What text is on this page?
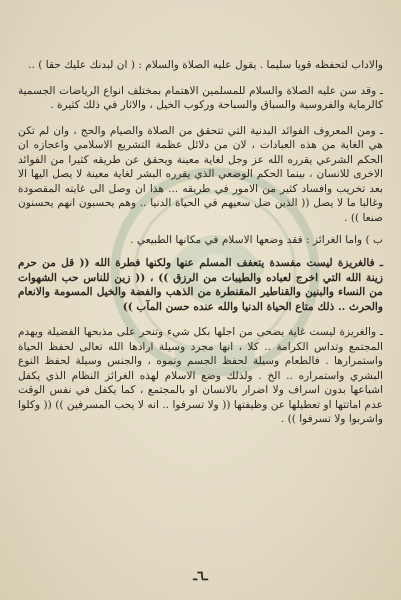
والاداب لتحفظه قويا سليما . يقول عليه الصلاة والسلام : ( ان لبدنك عليك حقا ) ..

ـ وقد سن عليه الصلاة والسلام للمسلمين الاهتمام بمختلف انواع الرياضات الجسمية كالرماية والفروسية والسباق والسباحة وركوب الخيل ، والاثار في ذلك كثيرة .

ـ ومن المعروف الفوائد البدنية التي تتحقق من الصلاة والصيام والحج ، وان لم تكن هي الغاية من هذه العبادات ، لان من دلائل عظمة التشريع الاسلامي واعجازه ان الحكم الشرعي يقرره الله عز وجل لغاية معينة ويحقق عن طريقه كثيرا من الفوائد الاخرى للانسان ، بينما الحكم الوضعي الذي يقرره البشر لغاية معينة لا يصل اليها الا بعد تخريب وافساد كثير من الامور في طريقه ... هذا ان وصل الى غايته المقصودة وغالبا ما لا يصل (( الذين ضل سعيهم في الحياة الدنيا .. وهم يحسبون انهم يحسنون صنعا )) .

ب ) واما الغرائز : فقد وضعها الاسلام في مكانها الطبيعي .

ـ فالغريزة ليست مفسدة يتعفف المسلم عنها ولكنها فطرة الله (( قل من حرم زينة الله التي اخرج لعباده والطيبات من الرزق )) ، (( زين للناس حب الشهوات من النساء والبنين والقناطير المقنطرة من الذهب والفضة والخيل المسومة والانعام والحرث .. ذلك متاع الحياة الدنيا والله عنده حسن المآب ))

ـ والغريزة ليست غاية يضحى من اجلها بكل شيء وتنحر على مذبحها الفضيلة ويهدم المجتمع وتداس الكرامة .. كلا ، انها مجرد وسيلة ارادها الله تعالى لحفظ الحياة واستمرارها . فالطعام وسيلة لحفظ الجسم ونموه ، والجنس وسيلة لحفظ النوع البشري واستمراره .. الخ . ولذلك وضع الاسلام لهذه الغرائز النظام الذي يكفل اشباعها بدون اسراف ولا اضرار بالانسان او بالمجتمع ، كما يكفل في نفس الوقت عدم اماتتها او تعطيلها عن وظيفتها (( ولا تسرفوا .. انه لا يحب المسرفين )) (( وكلوا واشربوا ولا تسرفوا )) .

ـ٦ـ
